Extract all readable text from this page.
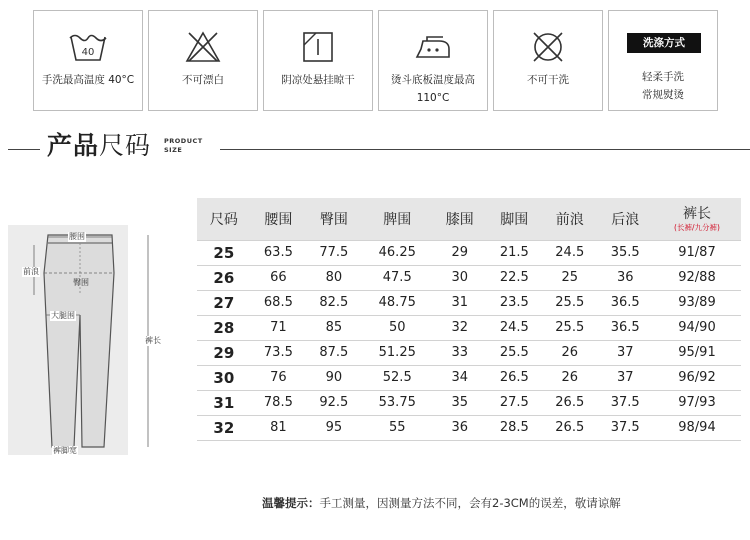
40
手洗最高温度 40°C	不可漂白	阴凉处悬挂晾干	烫斗底板温度最高110°C
不可干洗
洗涤方式
轻柔手洗
常规熨烫
产品尺码 PRODUCT
SIZE
腰围
前浪
臀围
大腿围
裤长
裤脚宽
尺码	腰围	臀围	脾围	膝围	脚围	前浪	后浪	裤长
(长裤/九分裤)

25	63.5	77.5	46.25	29	21.5	24.5	35.5	91/87
26	66	80	47.5	30	22.5	25	36	92/88
27	68.5	82.5	48.75	31	23.5	25.5	36.5	93/89
28	71	85	50	32	24.5	25.5	36.5	94/90
29	73.5	87.5	51.25	33	25.5	26	37	95/91
30	76	90	52.5	34	26.5	26	37	96/92
31	78.5	92.5	53.75	35	27.5	26.5	37.5	97/93
32	81	95	55	36	28.5	26.5	37.5	98/94
温馨提示：手工测量，因测量方法不同，会有2-3CM的误差，敬请谅解
